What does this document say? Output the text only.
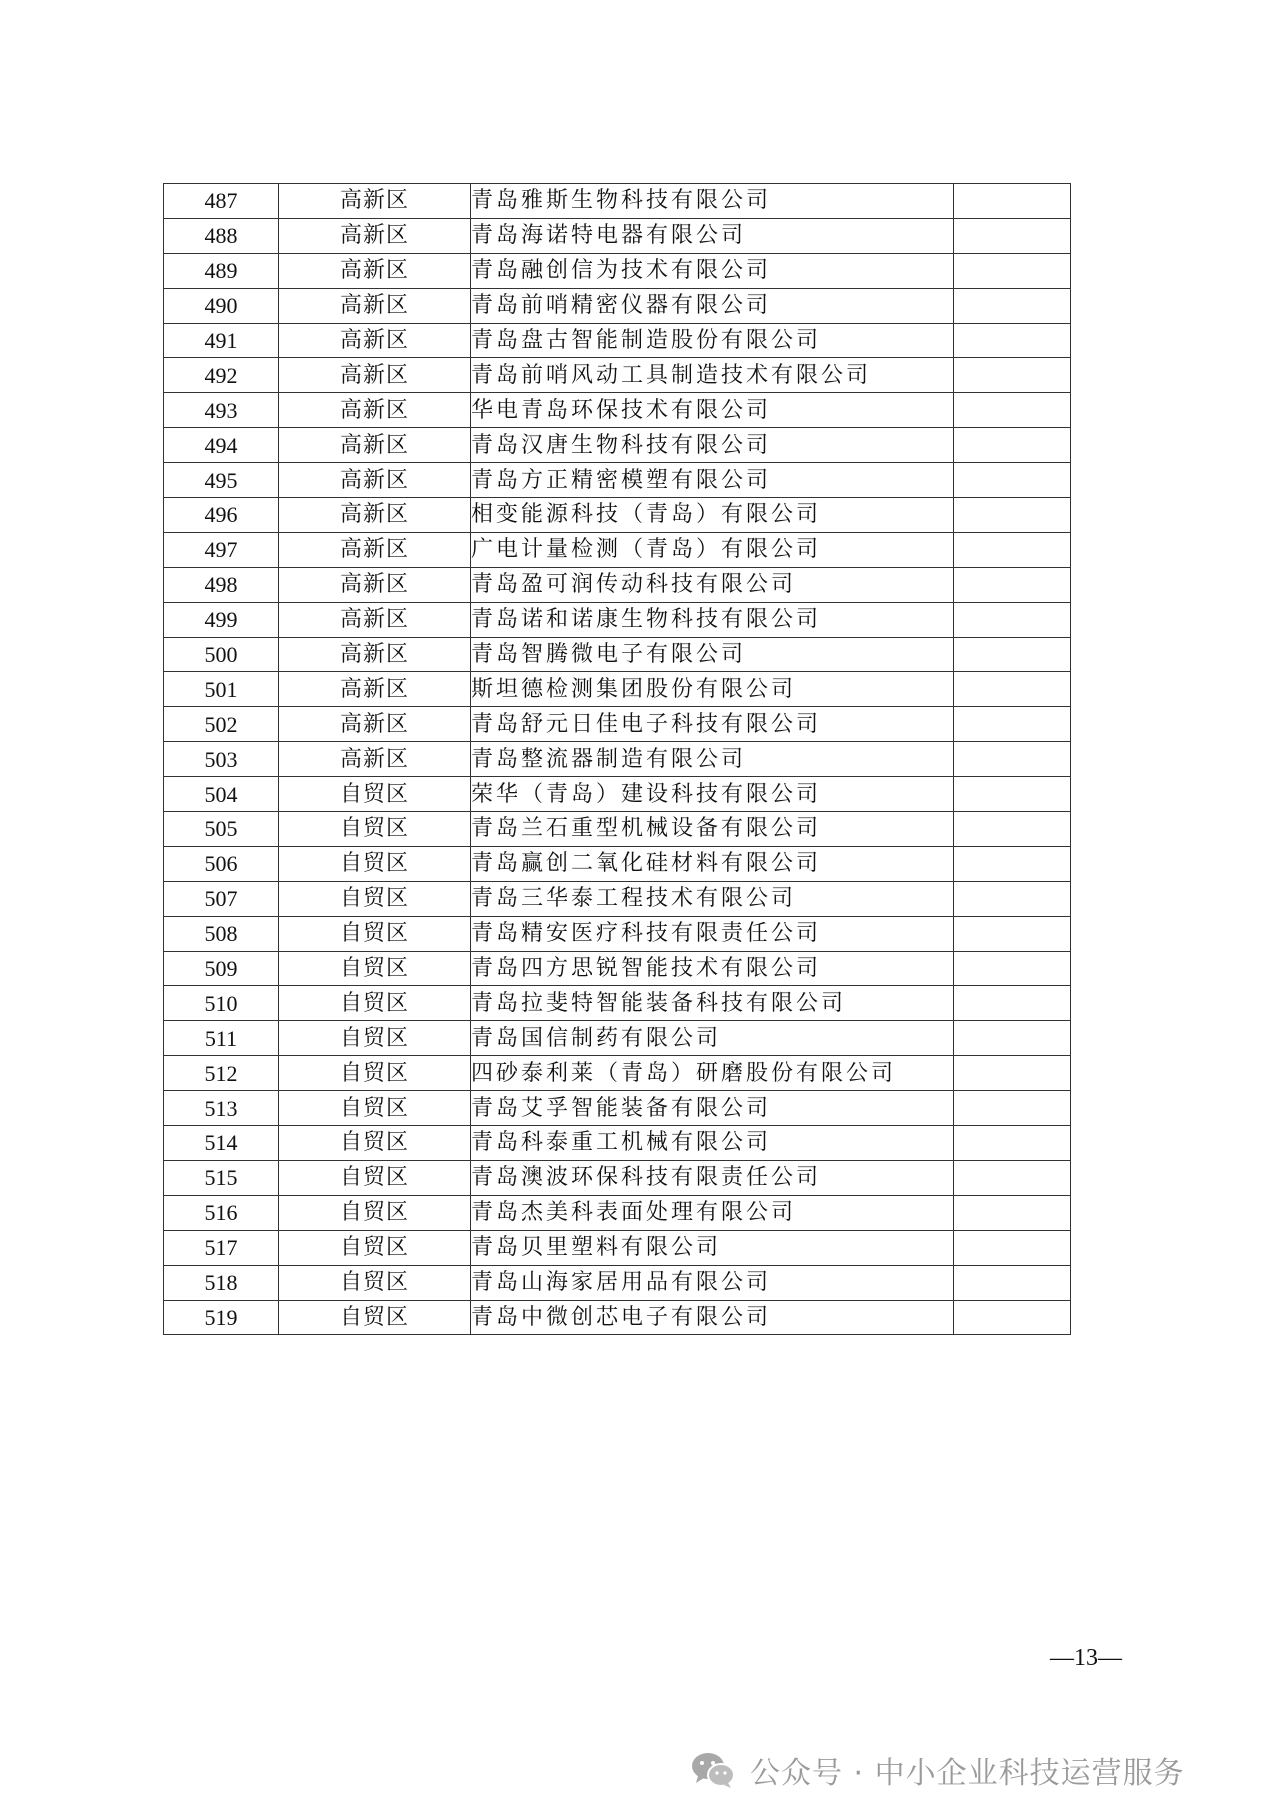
487	高新区	青岛雅斯生物科技有限公司	
488	高新区	青岛海诺特电器有限公司	
489	高新区	青岛融创信为技术有限公司	
490	高新区	青岛前哨精密仪器有限公司	
491	高新区	青岛盘古智能制造股份有限公司	
492	高新区	青岛前哨风动工具制造技术有限公司	
493	高新区	华电青岛环保技术有限公司	
494	高新区	青岛汉唐生物科技有限公司	
495	高新区	青岛方正精密模塑有限公司	
496	高新区	相变能源科技（青岛）有限公司	
497	高新区	广电计量检测（青岛）有限公司	
498	高新区	青岛盈可润传动科技有限公司	
499	高新区	青岛诺和诺康生物科技有限公司	
500	高新区	青岛智腾微电子有限公司	
501	高新区	斯坦德检测集团股份有限公司	
502	高新区	青岛舒元日佳电子科技有限公司	
503	高新区	青岛整流器制造有限公司	
504	自贸区	荣华（青岛）建设科技有限公司	
505	自贸区	青岛兰石重型机械设备有限公司	
506	自贸区	青岛赢创二氧化硅材料有限公司	
507	自贸区	青岛三华泰工程技术有限公司	
508	自贸区	青岛精安医疗科技有限责任公司	
509	自贸区	青岛四方思锐智能技术有限公司	
510	自贸区	青岛拉斐特智能装备科技有限公司	
511	自贸区	青岛国信制药有限公司	
512	自贸区	四砂泰利莱（青岛）研磨股份有限公司	
513	自贸区	青岛艾孚智能装备有限公司	
514	自贸区	青岛科泰重工机械有限公司	
515	自贸区	青岛澳波环保科技有限责任公司	
516	自贸区	青岛杰美科表面处理有限公司	
517	自贸区	青岛贝里塑料有限公司	
518	自贸区	青岛山海家居用品有限公司	
519	自贸区	青岛中微创芯电子有限公司	
—13—
公众号 · 中小企业科技运营服务
